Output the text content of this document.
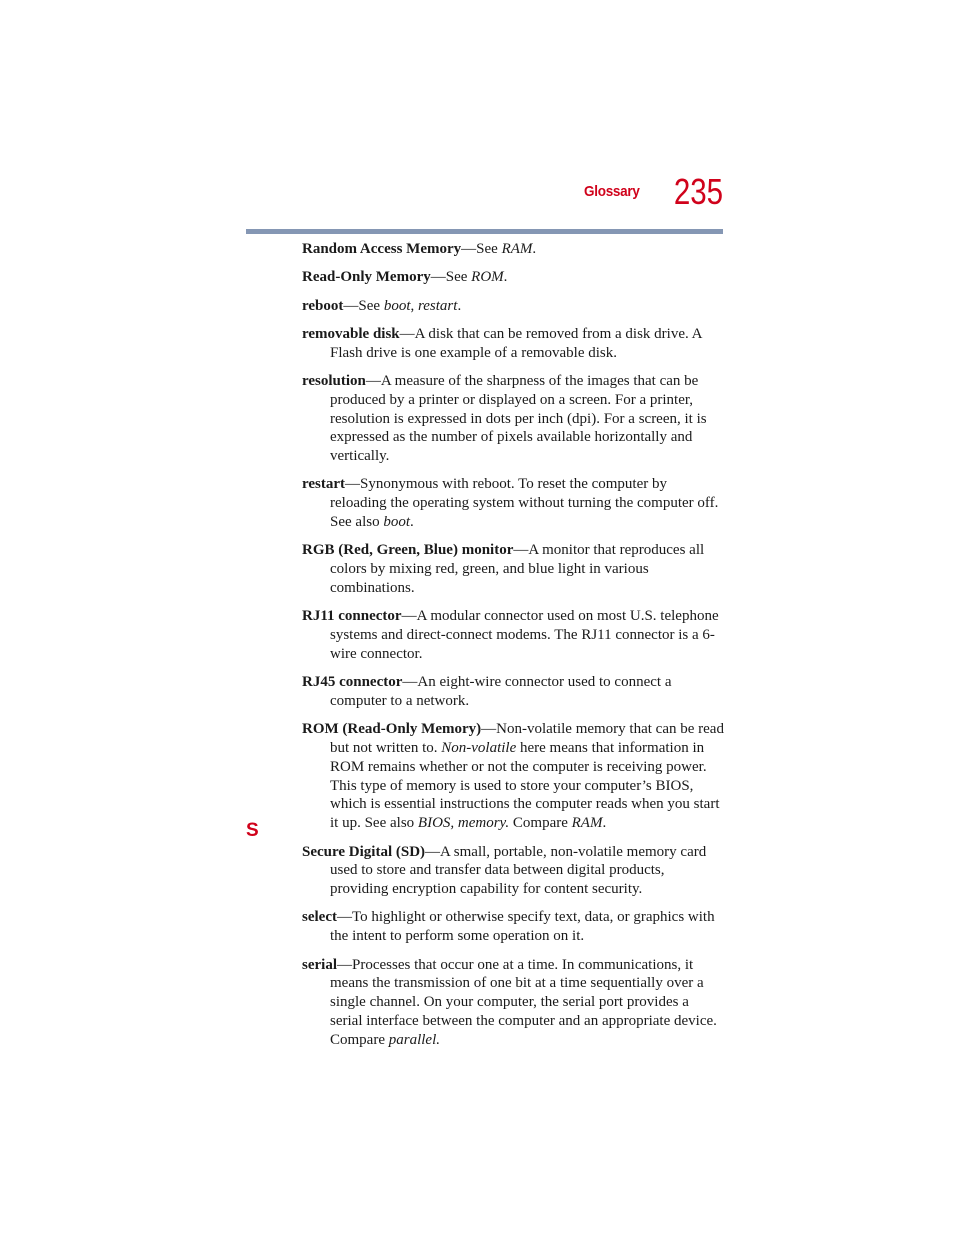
Glossary 235
S
Random Access Memory—See RAM.
Read-Only Memory—See ROM.
reboot—See boot, restart.
removable disk—A disk that can be removed from a disk drive. A Flash drive is one example of a removable disk.
resolution—A measure of the sharpness of the images that can be produced by a printer or displayed on a screen. For a printer, resolution is expressed in dots per inch (dpi). For a screen, it is expressed as the number of pixels available horizontally and vertically.
restart—Synonymous with reboot. To reset the computer by reloading the operating system without turning the computer off. See also boot.
RGB (Red, Green, Blue) monitor—A monitor that reproduces all colors by mixing red, green, and blue light in various combinations.
RJ11 connector—A modular connector used on most U.S. telephone systems and direct-connect modems. The RJ11 connector is a 6-wire connector.
RJ45 connector—An eight-wire connector used to connect a computer to a network.
ROM (Read-Only Memory)—Non-volatile memory that can be read but not written to. Non-volatile here means that information in ROM remains whether or not the computer is receiving power. This type of memory is used to store your computer’s BIOS, which is essential instructions the computer reads when you start it up. See also BIOS, memory. Compare RAM.
Secure Digital (SD)—A small, portable, non-volatile memory card used to store and transfer data between digital products, providing encryption capability for content security.
select—To highlight or otherwise specify text, data, or graphics with the intent to perform some operation on it.
serial—Processes that occur one at a time. In communications, it means the transmission of one bit at a time sequentially over a single channel. On your computer, the serial port provides a serial interface between the computer and an appropriate device. Compare parallel.
